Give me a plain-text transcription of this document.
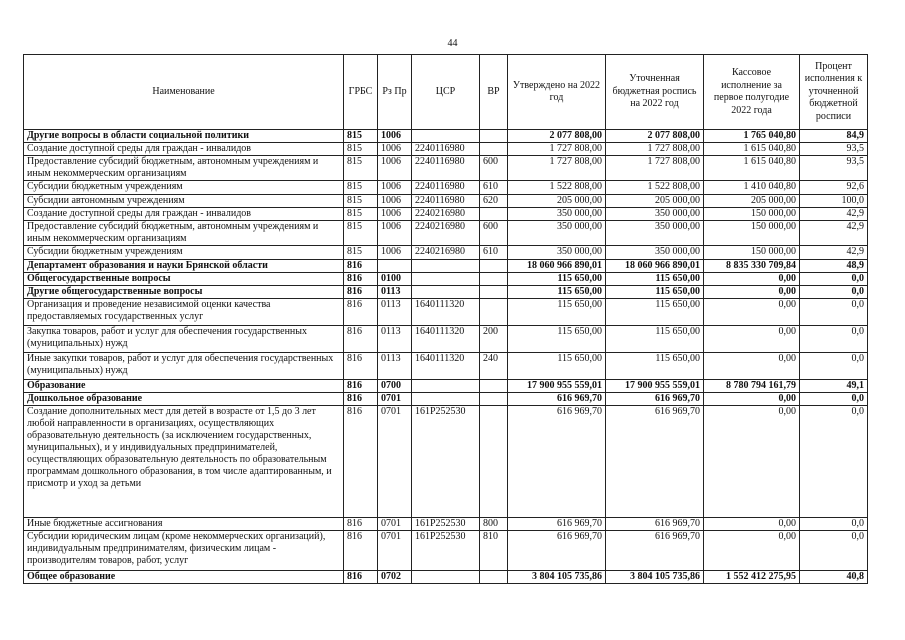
44
Наименование	ГРБС	Рз Пр	ЦСР	ВР	Утверждено на 2022 год	Уточненная бюджетная роспись на 2022 год	Кассовое исполнение за первое полугодие 2022 года	Процент исполнения к уточненной бюджетной росписи
Другие вопросы в области социальной политики	815	1006			2 077 808,00	2 077 808,00	1 765 040,80	84,9
Создание доступной среды для граждан - инвалидов	815	1006	2240116980		1 727 808,00	1 727 808,00	1 615 040,80	93,5
Предоставление субсидий бюджетным, автономным учреждениям и иным некоммерческим организациям	815	1006	2240116980	600	1 727 808,00	1 727 808,00	1 615 040,80	93,5
Субсидии бюджетным учреждениям	815	1006	2240116980	610	1 522 808,00	1 522 808,00	1 410 040,80	92,6
Субсидии автономным учреждениям	815	1006	2240116980	620	205 000,00	205 000,00	205 000,00	100,0
Создание доступной среды для граждан - инвалидов	815	1006	2240216980		350 000,00	350 000,00	150 000,00	42,9
Предоставление субсидий бюджетным, автономным учреждениям и иным некоммерческим организациям	815	1006	2240216980	600	350 000,00	350 000,00	150 000,00	42,9
Субсидии бюджетным учреждениям	815	1006	2240216980	610	350 000,00	350 000,00	150 000,00	42,9
Департамент образования и науки Брянской области	816				18 060 966 890,01	18 060 966 890,01	8 835 330 709,84	48,9
Общегосударственные вопросы	816	0100			115 650,00	115 650,00	0,00	0,0
Другие общегосударственные вопросы	816	0113			115 650,00	115 650,00	0,00	0,0
Организация и проведение независимой оценки качества предоставляемых государственных услуг	816	0113	1640111320		115 650,00	115 650,00	0,00	0,0
Закупка товаров, работ и услуг для обеспечения государственных (муниципальных) нужд	816	0113	1640111320	200	115 650,00	115 650,00	0,00	0,0
Иные закупки товаров, работ и услуг для обеспечения государственных (муниципальных) нужд	816	0113	1640111320	240	115 650,00	115 650,00	0,00	0,0
Образование	816	0700			17 900 955 559,01	17 900 955 559,01	8 780 794 161,79	49,1
Дошкольное образование	816	0701			616 969,70	616 969,70	0,00	0,0
Создание дополнительных мест для детей в возрасте от 1,5 до 3 лет любой направленности в организациях, осуществляющих образовательную деятельность (за исключением государственных, муниципальных), и у индивидуальных предпринимателей, осуществляющих образовательную деятельность по образовательным программам дошкольного образования, в том числе адаптированным, и присмотр и уход за детьми	816	0701	161P252530		616 969,70	616 969,70	0,00	0,0
Иные бюджетные ассигнования	816	0701	161P252530	800	616 969,70	616 969,70	0,00	0,0
Субсидии юридическим лицам (кроме некоммерческих организаций), индивидуальным предпринимателям, физическим лицам - производителям товаров, работ, услуг	816	0701	161P252530	810	616 969,70	616 969,70	0,00	0,0
Общее образование	816	0702			3 804 105 735,86	3 804 105 735,86	1 552 412 275,95	40,8
